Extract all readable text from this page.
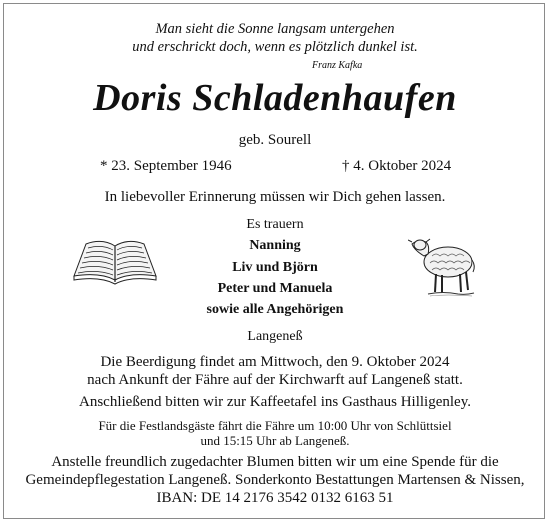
Man sieht die Sonne langsam untergehen
und erschrickt doch, wenn es plötzlich dunkel ist.
Franz Kafka
Doris Schladenhaufen
geb. Sourell
* 23. September 1946	† 4. Oktober 2024
In liebevoller Erinnerung müssen wir Dich gehen lassen.
Es trauern
Nanning
Liv und Björn
Peter und Manuela
sowie alle Angehörigen
Langeneß
Die Beerdigung findet am Mittwoch, den 9. Oktober 2024
nach Ankunft der Fähre auf der Kirchwarft auf Langeneß statt.
Anschließend bitten wir zur Kaffeetafel ins Gasthaus Hilligenley.
Für die Festlandsgäste fährt die Fähre um 10:00 Uhr von Schlüttsiel
und 15:15 Uhr ab Langeneß.
Anstelle freundlich zugedachter Blumen bitten wir um eine Spende für die
Gemeindepflegestation Langeneß. Sonderkonto Bestattungen Martensen & Nissen,
IBAN: DE 14 2176 3542 0132 6163 51
